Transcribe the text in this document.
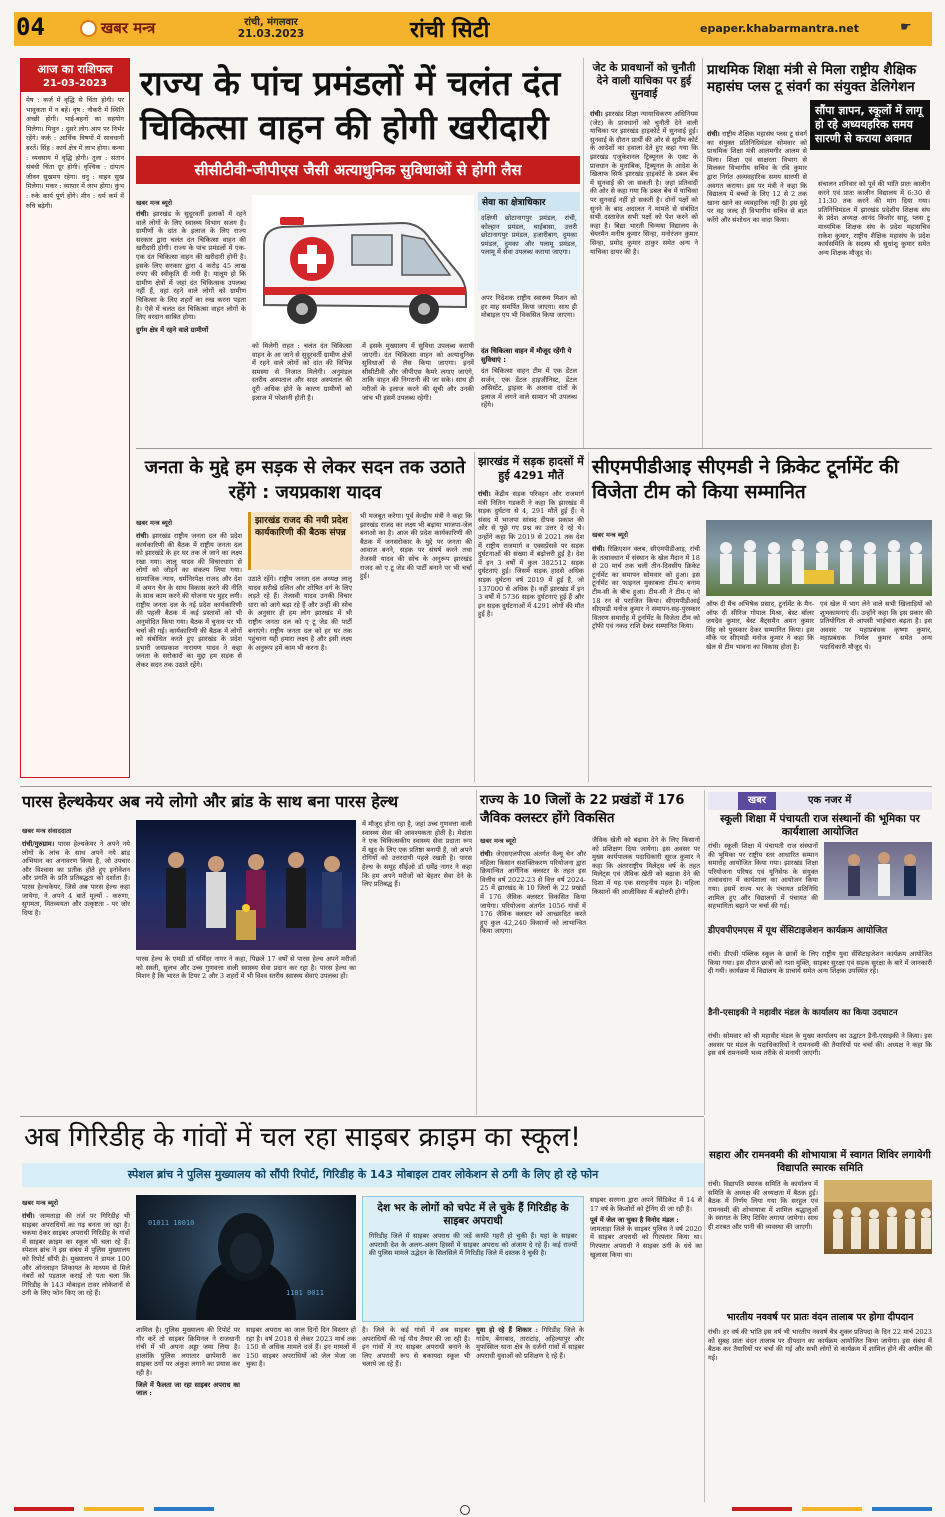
04	खबर मन्त्र	रांची, मंगलवार
21.03.2023	रांची सिटी	epaper.khabarmantra.net	☛
आज का राशिफल
21-03-2023
मेष : कर्ज में वृद्धि से चिंता होगी। पर भावुकता में न बहें। वृष : नौकरी में स्थिति अच्छी होगी। भाई-बहनों का सहयोग मिलेगा। मिथुन : दूसरे लोग आप पर निर्भर रहेंगे। कर्क : आर्थिक विषयों में सावधानी बरतें। सिंह : कार्य क्षेत्र में लाभ होगा। कन्या : व्यवसाय में वृद्धि होगी। तुला : संतान संबंधी चिंता दूर होगी। वृश्चिक : दांपत्य जीवन सुखमय रहेगा। धनु : वाहन सुख मिलेगा। मकर : व्यापार में लाभ होगा। कुंभ : रुके कार्य पूर्ण होंगे। मीन : धर्म कर्म में रुचि बढ़ेगी।
राज्य के पांच प्रमंडलों में चलंत दंत चिकित्सा वाहन की होगी खरीदारी
सीसीटीवी-जीपीएस जैसी अत्याधुनिक सुविधाओं से होगी लैस
खबर मन्त्र ब्यूरो
रांची। झारखंड के सुदूरवर्ती इलाकों में रहने वाले लोगों के लिए स्वास्थ्य विभाग सजग है। ग्रामीणों के दांत के इलाज के लिए राज्य सरकार द्वारा चलंत दंत चिकित्सा वाहन की खरीदारी होगी। राज्य के पांच प्रमंडलों में एक-एक दंत चिकित्सा वाहन की खरीदारी होनी है। इसके लिए सरकार द्वारा 4 करोड़ 45 लाख रुपए की स्वीकृति दी गयी है। मालूम हो कि ग्रामीण क्षेत्रों में जहां दंत चिकित्सक उपलब्ध नहीं हैं, वहां रहने वाले लोगों को ग्रामीण चिकित्सा के लिए शहरों का रुख करना पड़ता है। ऐसे में चलंत दंत चिकित्सा वाहन लोगों के लिए वरदान साबित होगा।
दुर्गम क्षेत्र में रहने वाले ग्रामीणों
को मिलेगी राहत : चलंत दंत चिकित्सा वाहन के आ जाने से सुदूरवर्ती ग्रामीण क्षेत्रों में रहने वाले लोगों को दांत की विभिन्न समस्या से निजात मिलेगी। अनुमंडल स्तरीय अस्पताल और सदर अस्पताल की दूरी अधिक होने के कारण ग्रामीणों को इलाज में परेशानी होती है।
में इसके मुख्यालय में सुविधा उपलब्ध करायी जाएगी। दंत चिकित्सा वाहन को अत्याधुनिक सुविधाओं से लैस किया जाएगा। इनमें सीसीटीवी और जीपीएस कैमरे लगाए जाएंगे, ताकि वाहन की निगरानी की जा सके। साथ ही मरीजों के इलाज करने की सूची और उनकी जांच भी इसमें उपलब्ध रहेगी।
सेवा का क्षेत्राधिकार
दक्षिणी छोटानागपुर प्रमंडल, रांची, कोल्हान प्रमंडल, चाईबासा, उत्तरी छोटानागपुर प्रमंडल, हजारीबाग, दुमका प्रमंडल, दुमका और पलामू प्रमंडल, पलामू में सेवा उपलब्ध कराया जाएगा।
अपर निदेशक राष्ट्रीय स्वास्थ्य मिशन को हर माह समर्पित किया जाएगा। साथ ही मोबाइल एप भी विकसित किया जाएगा।
दंत चिकित्सा वाहन में मौजूद रहेंगी ये सुविधाएं :
दंत चिकित्सा वाहन टीम में एक डेंटल सर्जन, एक डेंटल हाइजीनिस्ट, डेंटल असिस्टेंट, ड्राइवर के अलावा दांतों के इलाज में लगने वाले सामान भी उपलब्ध रहेंगे।
जेट के प्रावधानों को चुनौती देने वाली याचिका पर हुई सुनवाई
रांची। झारखंड शिक्षा न्यायाधिकरण अधिनियम (जेट) के प्रावधानों को चुनौती देने वाली याचिका पर झारखंड हाइकोर्ट में सुनवाई हुई। सुनवाई के दौरान प्रार्थी की ओर से सुप्रीम कोर्ट के आदेशों का हवाला देते हुए कहा गया कि झारखंड एजुकेशनल ट्रिब्यूनल के एक्ट के प्रावधान के मुताबिक, ट्रिब्यूनल के आदेश के खिलाफ सिर्फ झारखंड हाइकोर्ट के डबल बेंच में सुनवाई की जा सकती है। जहां प्रतिवादी की ओर से कहा गया कि डबल बेंच में याचिका पर सुनवाई नहीं हो सकती है। दोनों पक्षों को सुनने के बाद अदालत ने मामले से संबंधित सभी दस्तावेज सभी पक्षों को पेश करने को कहा है। बिद्या भारती चिन्मया विद्यालय के चेयरमैन मनीष कुमार सिन्हा, मनोरंजन कुमार सिन्हा, प्रमोद कुमार ठाकुर समेत अन्य ने याचिका दायर की है।
प्राथमिक शिक्षा मंत्री से मिला राष्ट्रीय शैक्षिक महासंघ प्लस टू संवर्ग का संयुक्त डेलिगेशन
सौंपा ज्ञापन, स्कूलों में लागू हो रहे अध्ययहरिक समय सारणी से कराया अवगत
रांची। राष्ट्रीय शैक्षिक महासंघ प्लस टू संवर्ग का संयुक्त प्रतिनिधिमंडल सोमवार को प्राथमिक शिक्षा मंत्री आलमगीर आलम से मिला। शिक्षा एवं साक्षरता विभाग से मिलकर विभागीय सचिव के रवि कुमार द्वारा निर्गत अव्यवहारिक समय सारणी से अवगत कराया। इस पर मंत्री ने कहा कि विद्यालय में बच्चों के लिए 12 से 2 तक खाना खाने का व्यवहारिक नहीं है। इस मुद्दे पर वह जल्द ही विभागीय सचिव से बात करेंगे और संशोधन का वादा किया।
संचालन शनिवार को पूर्व की भांति प्रातः कालीन करने एवं प्रातः कालीन विद्यालय में 6:30 से 11:30 तक करने की मांग दिया गया। प्रतिनिधिमंडल में झारखंड प्रदेशीय शिक्षक संघ के प्रदेश अध्यक्ष आनंद किशोर साहू, प्लस टू माध्यमिक शिक्षक संघ के प्रदेश महासचिव राकेश कुमार, राष्ट्रीय शैक्षिक महासंघ के प्रदेश कार्यसमिति के सदस्य श्री सुधांशु कुमार समेत अन्य शिक्षक मौजूद थे।
जनता के मुद्दे हम सड़क से लेकर सदन तक उठाते रहेंगे : जयप्रकाश यादव
खबर मन्त्र ब्यूरो
रांची। झारखंड राष्ट्रीय जनता दल की प्रदेश कार्यकारिणी की बैठक में राष्ट्रीय जनता दल को झारखंडे के हर घर तक ले जाने का लक्ष्य रखा गया। लालू यादव की विचारधारा से लोगों को जोड़ने का संकल्प लिया गया। सामाजिक न्याय, धर्मनिरपेक्ष राजद और देश में अमन चैन के साथ विकास करने की नीति के साथ काम करने की योजना पर मुहर लगी। राष्ट्रीय जनता दल के नई प्रदेश कार्यकारिणी की पहली बैठक में कई प्रस्तावों को भी अनुमोदित किया गया। बैठक में चुनाव पर भी चर्चा की गई। कार्यकारिणी की बैठक में लोगों को संबोधित करते हुए झारखंड के प्रदेश प्रभारी जयप्रकाश नारायण यादव ने कहा जनता के सरोकारों का मुद्दा हम सड़क से लेकर सदन तक उठाते रहेंगे।
झारखंड राजद की नयी प्रदेश कार्यकारिणी की बैठक संपन्न
उठाते रहेंगे। राष्ट्रीय जनता दल अध्यक्ष लालू यादव सरीखे दलित और शोषित वर्ग के लिए लड़ते रहे हैं। तेजस्वी यादव उनकी विचार धारा को आगे बढ़ा रहे हैं और उन्हीं की सोच के अनुसार ही हम लोग झारखंड में भी राष्ट्रीय जनता दल को ए टू जेड की पार्टी बनाएंगे। राष्ट्रीय जनता दल को हर घर तक पहुंचाना यही हमारा लक्ष्य है और इसी लक्ष्य के अनुरूप हमें काम भी करना है।
भी मजबूत करेगा। पूर्व केन्द्रीय मंत्री ने कहा कि झारखंड राजद का लक्ष्य भी बढ़ाया भाजपा-जेल बनाओ का है। आज की प्रदेश कार्यकारिणी की बैठक में जनसरोकार के मुद्दे पर जनता की आवाज बनने, सड़क पर संघर्ष करने तथा तेजस्वी यादव की सोच के अनुरूप झारखंड राजद को ए टू जेड की पार्टी बनाने पर भी चर्चा हुई।
झारखंड में सड़क हादसों में हुई 4291 मौतें
रांची। केंद्रीय सड़क परिवहन और राजमार्ग मंत्री नितिन गडकरी ने कहा कि झारखंड में सड़क दुर्घटना से 4, 291 मौतें हुई हैं। वे संसद में भाजपा सांसद दीपक प्रकाश की ओर से पूछे गए प्रश्न का उत्तर दे रहे थे। उन्होंने कहा कि 2019 से 2021 तक देश में राष्ट्रीय राजमार्ग व एक्सप्रेसवे पर सड़क दुर्घटनाओं की संख्या में बढ़ोत्तरी हुई है। देश में इन 3 वर्षों में कुल 382512 सड़क दुर्घटनाएं हुई। जिसमें सड़क हादसे अधिक सड़क दुर्घटना वर्ष 2019 में हुई है, जो 137000 से अधिक है। वहीं झारखंड में इन 3 वर्षों में 5736 सड़क दुर्घटनाएं हुई हैं और इन सड़क दुर्घटनाओं में 4291 लोगों की मौत हुई है।
सीएमपीडीआइ सीएमडी ने क्रिकेट टूर्नामेंट की विजेता टीम को किया सम्मानित
खबर मन्त्र ब्यूरो
रांची। रिक्रिएशन क्लब, सीएमपीडीआइ, रांची के तत्वावधान में संस्थान के खेल मैदान में 18 से 20 मार्च तक चली तीन-दिवसीय क्रिकेट टूर्नामेंट का समापन सोमवार को हुआ। इस टूर्नामेंट का फाइनल मुकाबला टीम-ए बनाम टीम-सी के बीच हुआ। टीम-सी ने टीम-ए को 18 रन से पराजित किया। सीएमपीडीआई सीएमडी मनोज कुमार ने समापन-सह-पुरस्कार वितरण समारोह में टूर्नामेंट के विजेता टीम को ट्रॉफी एवं नकद राशि देकर सम्मानित किया।
ऑफ दी मैच अभिषेक प्रसाद, टूर्नामेंट के मैन-ऑफ दी सीरिज गोपाल मिश्रा, बेस्ट बॉलर जयदेव कुमार, बेस्ट बैट्समैन अमन कुमार सिंह को पुरस्कार देकर सम्मानित किया। इस मौके पर सीएमडी मनोज कुमार ने कहा कि खेल से टीम भावना का विकास होता है।
एवं खेल में भाग लेने वाले सभी खिलाड़ियों को शुभकामनाएं दीं। उन्होंने कहा कि इस प्रकार की प्रतियोगिता से आपसी भाईचारा बढ़ता है। इस अवसर पर महाप्रबंधक कृष्णा कुमार, महाप्रबंधक निर्मल कुमार समेत अन्य पदाधिकारी मौजूद थे।
पारस हेल्थकेयर अब नये लोगो और ब्रांड के साथ बना पारस हेल्थ
खबर मन्त्र संवाददाता
रांची/गुरुग्राम। पारस हेल्थकेयर ने अपने नये लोगो के लांच के साथ अपने नये ब्रांड अभियान का अनावरण किया है, जो उपचार और विश्वास का प्रतीक होते हुए इनोवेशन और प्रगति के प्रति प्रतिबद्धता को दर्शाता है। पारस हेल्थकेयर, जिसे अब पारस हेल्थ कहा जायेगा, ने अपने 4 बातें मूल्यों - करुणा, सुगमता, मितव्ययता और उत्कृष्टता - पर जोर दिया है।
पारस हेल्थ के एमडी डॉ धर्मिंदर नागर ने कहा, पिछले 17 वर्षों से पारस हेल्थ अपने मरीजों को सस्ती, सुलभ और उच्च गुणवत्ता वाली स्वास्थ्य सेवा प्रदान कर रहा है। पारस हेल्थ का मिशन है कि भारत के टियर 2 और 3 शहरों में भी विश्व स्तरीय स्वास्थ्य सेवाएं उपलब्ध हों।
में मौजूद होना रहा है, जहां उच्च गुणवत्ता वाली स्वास्थ्य सेवा की आवश्यकता होती है। मेदांता ने एक चिकित्सकीय स्वास्थ्य सेवा प्रदाता रूप में खुद के लिए एक प्रतिष्ठा बनायी है, जो अपने रोगियों को उत्तरदायी पहले रखती है। पारस हेल्थ के समूह सीईओ डॉ धर्मेंद्र नागर ने कहा कि हम अपने मरीजों को बेहतर सेवा देने के लिए प्रतिबद्ध हैं।
राज्य के 10 जिलों के 22 प्रखंडों में 176 जैविक क्लस्टर होंगे विकसित
खबर मन्त्र ब्यूरो
रांची। जेएसएलपीएस अंतर्गत वैल्यू चेन और महिला किसान सशक्तिकरण परियोजना द्वारा क्रियान्वित आर्गेनिक क्लस्टर के तहत इस वित्तीय वर्ष 2022-23 से वित्त वर्ष 2024-25 में झारखंड के 10 जिलों के 22 प्रखंडों में 176 जैविक क्लस्टर विकसित किया जायेगा। परियोजना अंतर्गत 1056 गांवों में 176 जैविक क्लस्टर को आच्छादित करते हुए कुल 42,240 किसानों को लाभान्वित किया जाएगा।
जैविक खेती को बढ़ावा देने के लिए किसानों को प्रशिक्षण दिया जायेगा। इस अवसर पर मुख्य कार्यपालक पदाधिकारी सूरज कुमार ने कहा कि अंतरराष्ट्रीय मिलेट्स वर्ष के तहत मिलेट्स एवं जैविक खेती को बढ़ावा देने की दिशा में यह एक सराहनीय पहल है। महिला किसानों की आजीविका में बढ़ोत्तरी होगी।
खबर	एक नजर में
स्कूली शिक्षा में पंचायती राज संस्थानों की भूमिका पर कार्यशाला आयोजित
रांची। स्कूली शिक्षा में पंचायती राज संस्थानों की भूमिका पर राष्ट्रीय स्तर आधारित सम्मान समारोह आयोजित किया गया। झारखंड शिक्षा परियोजना परिषद एवं यूनिसेफ के संयुक्त तत्वावधान में कार्यशाला का आयोजन किया गया। इसमें राज्य भर के पंचायत प्रतिनिधि शामिल हुए और विद्यालयों में पंचायत की सहभागिता बढ़ाने पर चर्चा की गई।
डीएवपीएमएस में यूथ सेंसिटाइजेशन कार्यक्रम आयोजित
रांची। डीएवी पब्लिक स्कूल के छात्रों के लिए राष्ट्रीय युवा सेंसिटाइजेशन कार्यक्रम आयोजित किया गया। इस दौरान छात्रों को नशा मुक्ति, साइबर सुरक्षा एवं सड़क सुरक्षा के बारे में जानकारी दी गयी। कार्यक्रम में विद्यालय के प्राचार्य समेत अन्य शिक्षक उपस्थित रहे।
डैनी-एसाइकी ने महावीर मंडल के कार्यालय का किया उदघाटन
रांची। सोमवार को श्री महावीर मंडल के मुख्य कार्यालय का उद्घाटन डैनी-एसाइकी ने किया। इस अवसर पर मंडल के पदाधिकारियों ने रामनवमी की तैयारियों पर चर्चा की। अध्यक्ष ने कहा कि इस वर्ष रामनवमी भव्य तरीके से मनायी जाएगी।
अब गिरिडीह के गांवों में चल रहा साइबर क्राइम का स्कूल!
स्पेशल ब्रांच ने पुलिस मुख्यालय को सौंपी रिपोर्ट, गिरिडीह के 143 मोबाइल टावर लोकेशन से ठगी के लिए हो रहे फोन
खबर मन्त्र ब्यूरो
रांची। जामताड़ा की तर्ज पर गिरिडीह भी साइबर अपराधियों का गढ़ बनता जा रहा है। चकमा देकर साइबर अपराधी गिरिडीह के गांवों में साइबर क्राइम का स्कूल भी चला रहे हैं। स्पेशल ब्रांच ने इस संबंध में पुलिस मुख्यालय को रिपोर्ट सौंपी है। मुख्यालय ने डायल 100 और ऑनलाइन शिकायत के माध्यम से मिले नंबरों को पड़ताल कराई तो पता चला कि गिरिडीह के 143 मोबाइल टावर लोकेशनों से ठगी के लिए फोन किए जा रहे हैं।
01011 10010
1101 0011
शामिल है। पुलिस मुख्यालय की रिपोर्ट पर गौर करें तो साइबर क्रिमिनल ने राजधानी रांची में भी अपना अड्डा जमा लिया है। हालांकि पुलिस लगातार छापेमारी कर साइबर ठगों पर अंकुश लगाने का प्रयास कर रही है।
जिले में फैलता जा रहा साइबर अपराध का जाल :
साइबर अपराध का जाल दिनों दिन विस्तार हो रहा है। वर्ष 2018 से लेकर 2023 मार्च तक 150 से अधिक मामले दर्ज हैं। इन मामलों में 150 साइबर अपराधियों को जेल भेजा जा चुका है।
देश भर के लोगों को चपेट में ले चुके हैं गिरिडीह के साइबर अपराधी
गिरिडीह जिले में साइबर अपराध की जड़ें काफी गहरी हो चुकी हैं। यहां के साइबर अपराधी देश के अलग-अलग हिस्सों में साइबर अपराध को अंजाम दे रहे हैं। कई राज्यों की पुलिस मामले उद्भेदन के सिलसिले में गिरिडीह जिले में दस्तक दे चुकी है।
है। जिले के कई गांवों में अब साइबर अपराधियों की नई पौध तैयार की जा रही है। इन गांवों में नए साइबर अपराधी बनाने के लिए अपराधी रूप से बकायदा स्कूल भी चलाये जा रहे हैं।
युवा हो रहे हैं शिकार : गिरिडीह जिले के गांडेय, बेंगाबाद, ताराटांड़, अहिल्यापुर और मुफस्सिल थाना क्षेत्र के दर्जनों गांवों में साइबर अपराधी युवाओं को प्रशिक्षण दे रहे हैं।
साइबर सरगना द्वारा अपने सिंडिकेट में 14 से 17 वर्ष के किशोरों को ट्रेनिंग दी जा रही है।
पूर्व में जेल जा चुका है विनोद मंडल :
जामताड़ा जिले के साइबर पुलिस ने वर्ष 2020 में साइबर अपराधी को गिरफ्तार किया था। गिरफ्तार अपराधी ने साइबर ठगी के धंधे का खुलासा किया था।
सहारा और रामनवमी की शोभायात्रा में स्वागत शिविर लगायेगी विद्यापति स्मारक समिति
रांची। विद्यापति स्मारक समिति के कार्यालय में समिति के अध्यक्ष की अध्यक्षता में बैठक हुई। बैठक में निर्णय लिया गया कि सरहुल एवं रामनवमी की शोभायात्रा में शामिल श्रद्धालुओं के स्वागत के लिए शिविर लगाया जायेगा। साथ ही शरबत और पानी की व्यवस्था की जाएगी।
भारतीय नववर्ष पर प्रातः वंदन तालाब पर होगा दीपदान
रांची। हर वर्ष की भांति इस वर्ष भी भारतीय नववर्ष चैत्र शुक्ल प्रतिपदा के दिन 22 मार्च 2023 को सुबह प्रातः वंदन तालाब पर दीपदान का कार्यक्रम आयोजित किया जायेगा। इस संबंध में बैठक कर तैयारियों पर चर्चा की गई और सभी लोगों से कार्यक्रम में शामिल होने की अपील की गई।
